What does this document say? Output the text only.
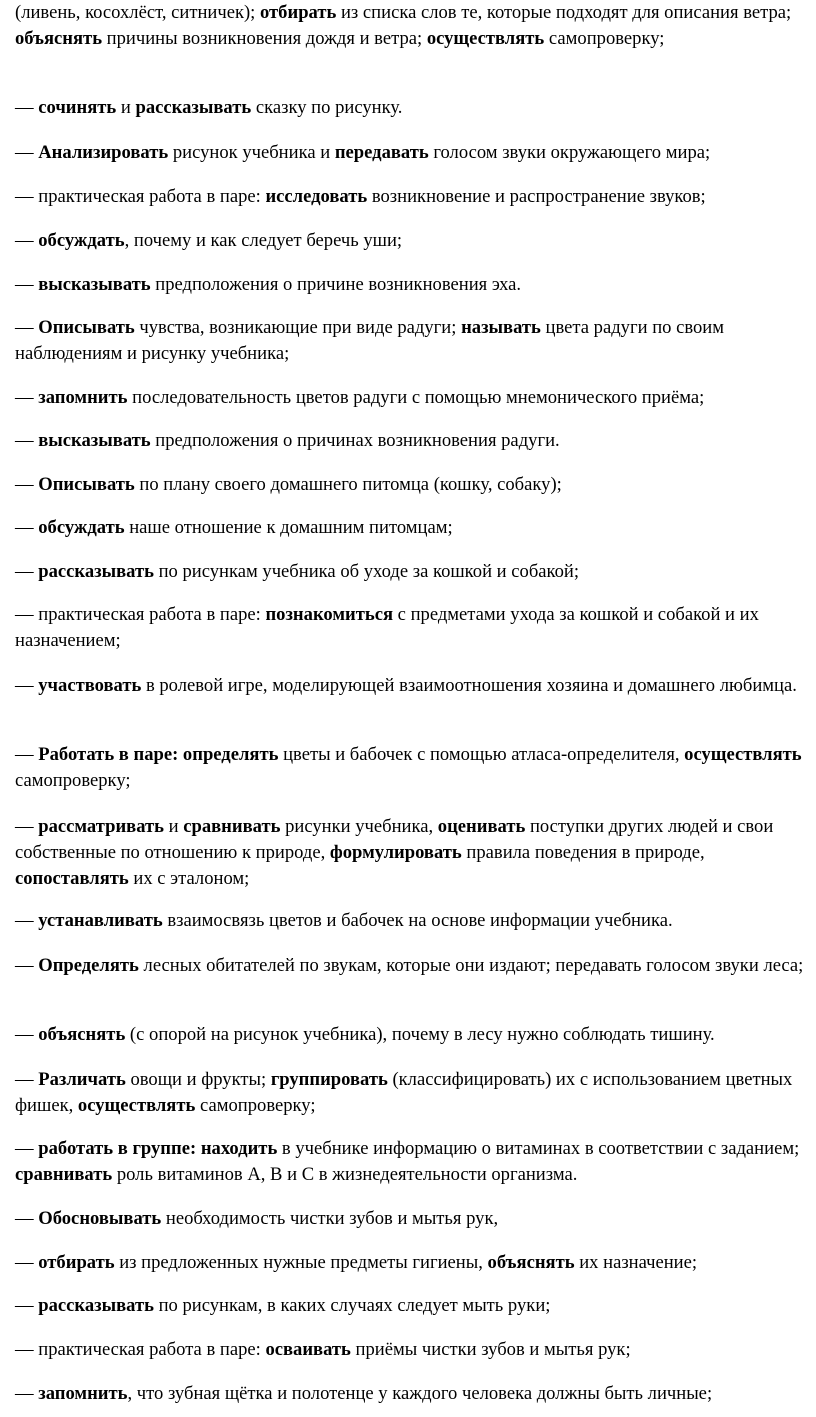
(ливень, косохлёст, ситничек); отбирать из списка слов те, которые подходят для описания ветра; объяснять причины возникновения дождя и ветра; осуществлять самопроверку;

— сочинять и рассказывать сказку по рисунку.

— Анализировать рисунок учебника и передавать голосом звуки окружающего мира;

— практическая работа в паре: исследовать возникновение и распространение звуков;

— обсуждать, почему и как следует беречь уши;

— высказывать предположения о причине возникновения эха.

— Описывать чувства, возникающие при виде радуги; называть цвета радуги по своим наблюдениям и рисунку учебника;

— запомнить последовательность цветов радуги с помощью мнемонического приёма;

— высказывать предположения о причинах возникновения радуги.

— Описывать по плану своего домашнего питомца (кошку, собаку);

— обсуждать наше отношение к домашним питомцам;

— рассказывать по рисункам учебника об уходе за кошкой и собакой;

— практическая работа в паре: познакомиться с предметами ухода за кошкой и собакой и их назначением;

— участвовать в ролевой игре, моделирующей взаимоотношения хозяина и домашнего любимца.

— Работать в паре: определять цветы и бабочек с помощью атласа-определителя, осуществлять самопроверку;

— рассматривать и сравнивать рисунки учебника, оценивать поступки других людей и свои собственные по отношению к природе, формулировать правила поведения в природе, сопоставлять их с эталоном;

— устанавливать взаимосвязь цветов и бабочек на основе информации учебника.

— Определять лесных обитателей по звукам, которые они издают; передавать голосом звуки леса;

— объяснять (с опорой на рисунок учебника), почему в лесу нужно соблюдать тишину.

— Различать овощи и фрукты; группировать (классифицировать) их с использованием цветных фишек, осуществлять самопроверку;

— работать в группе: находить в учебнике информацию о витаминах в соответствии с заданием; сравнивать роль витаминов А, В и С в жизнедеятельности организма.

— Обосновывать необходимость чистки зубов и мытья рук,

— отбирать из предложенных нужные предметы гигиены, объяснять их назначение;

— рассказывать по рисункам, в каких случаях следует мыть руки;

— практическая работа в паре: осваивать приёмы чистки зубов и мытья рук;

— запомнить, что зубная щётка и полотенце у каждого человека должны быть личные;
